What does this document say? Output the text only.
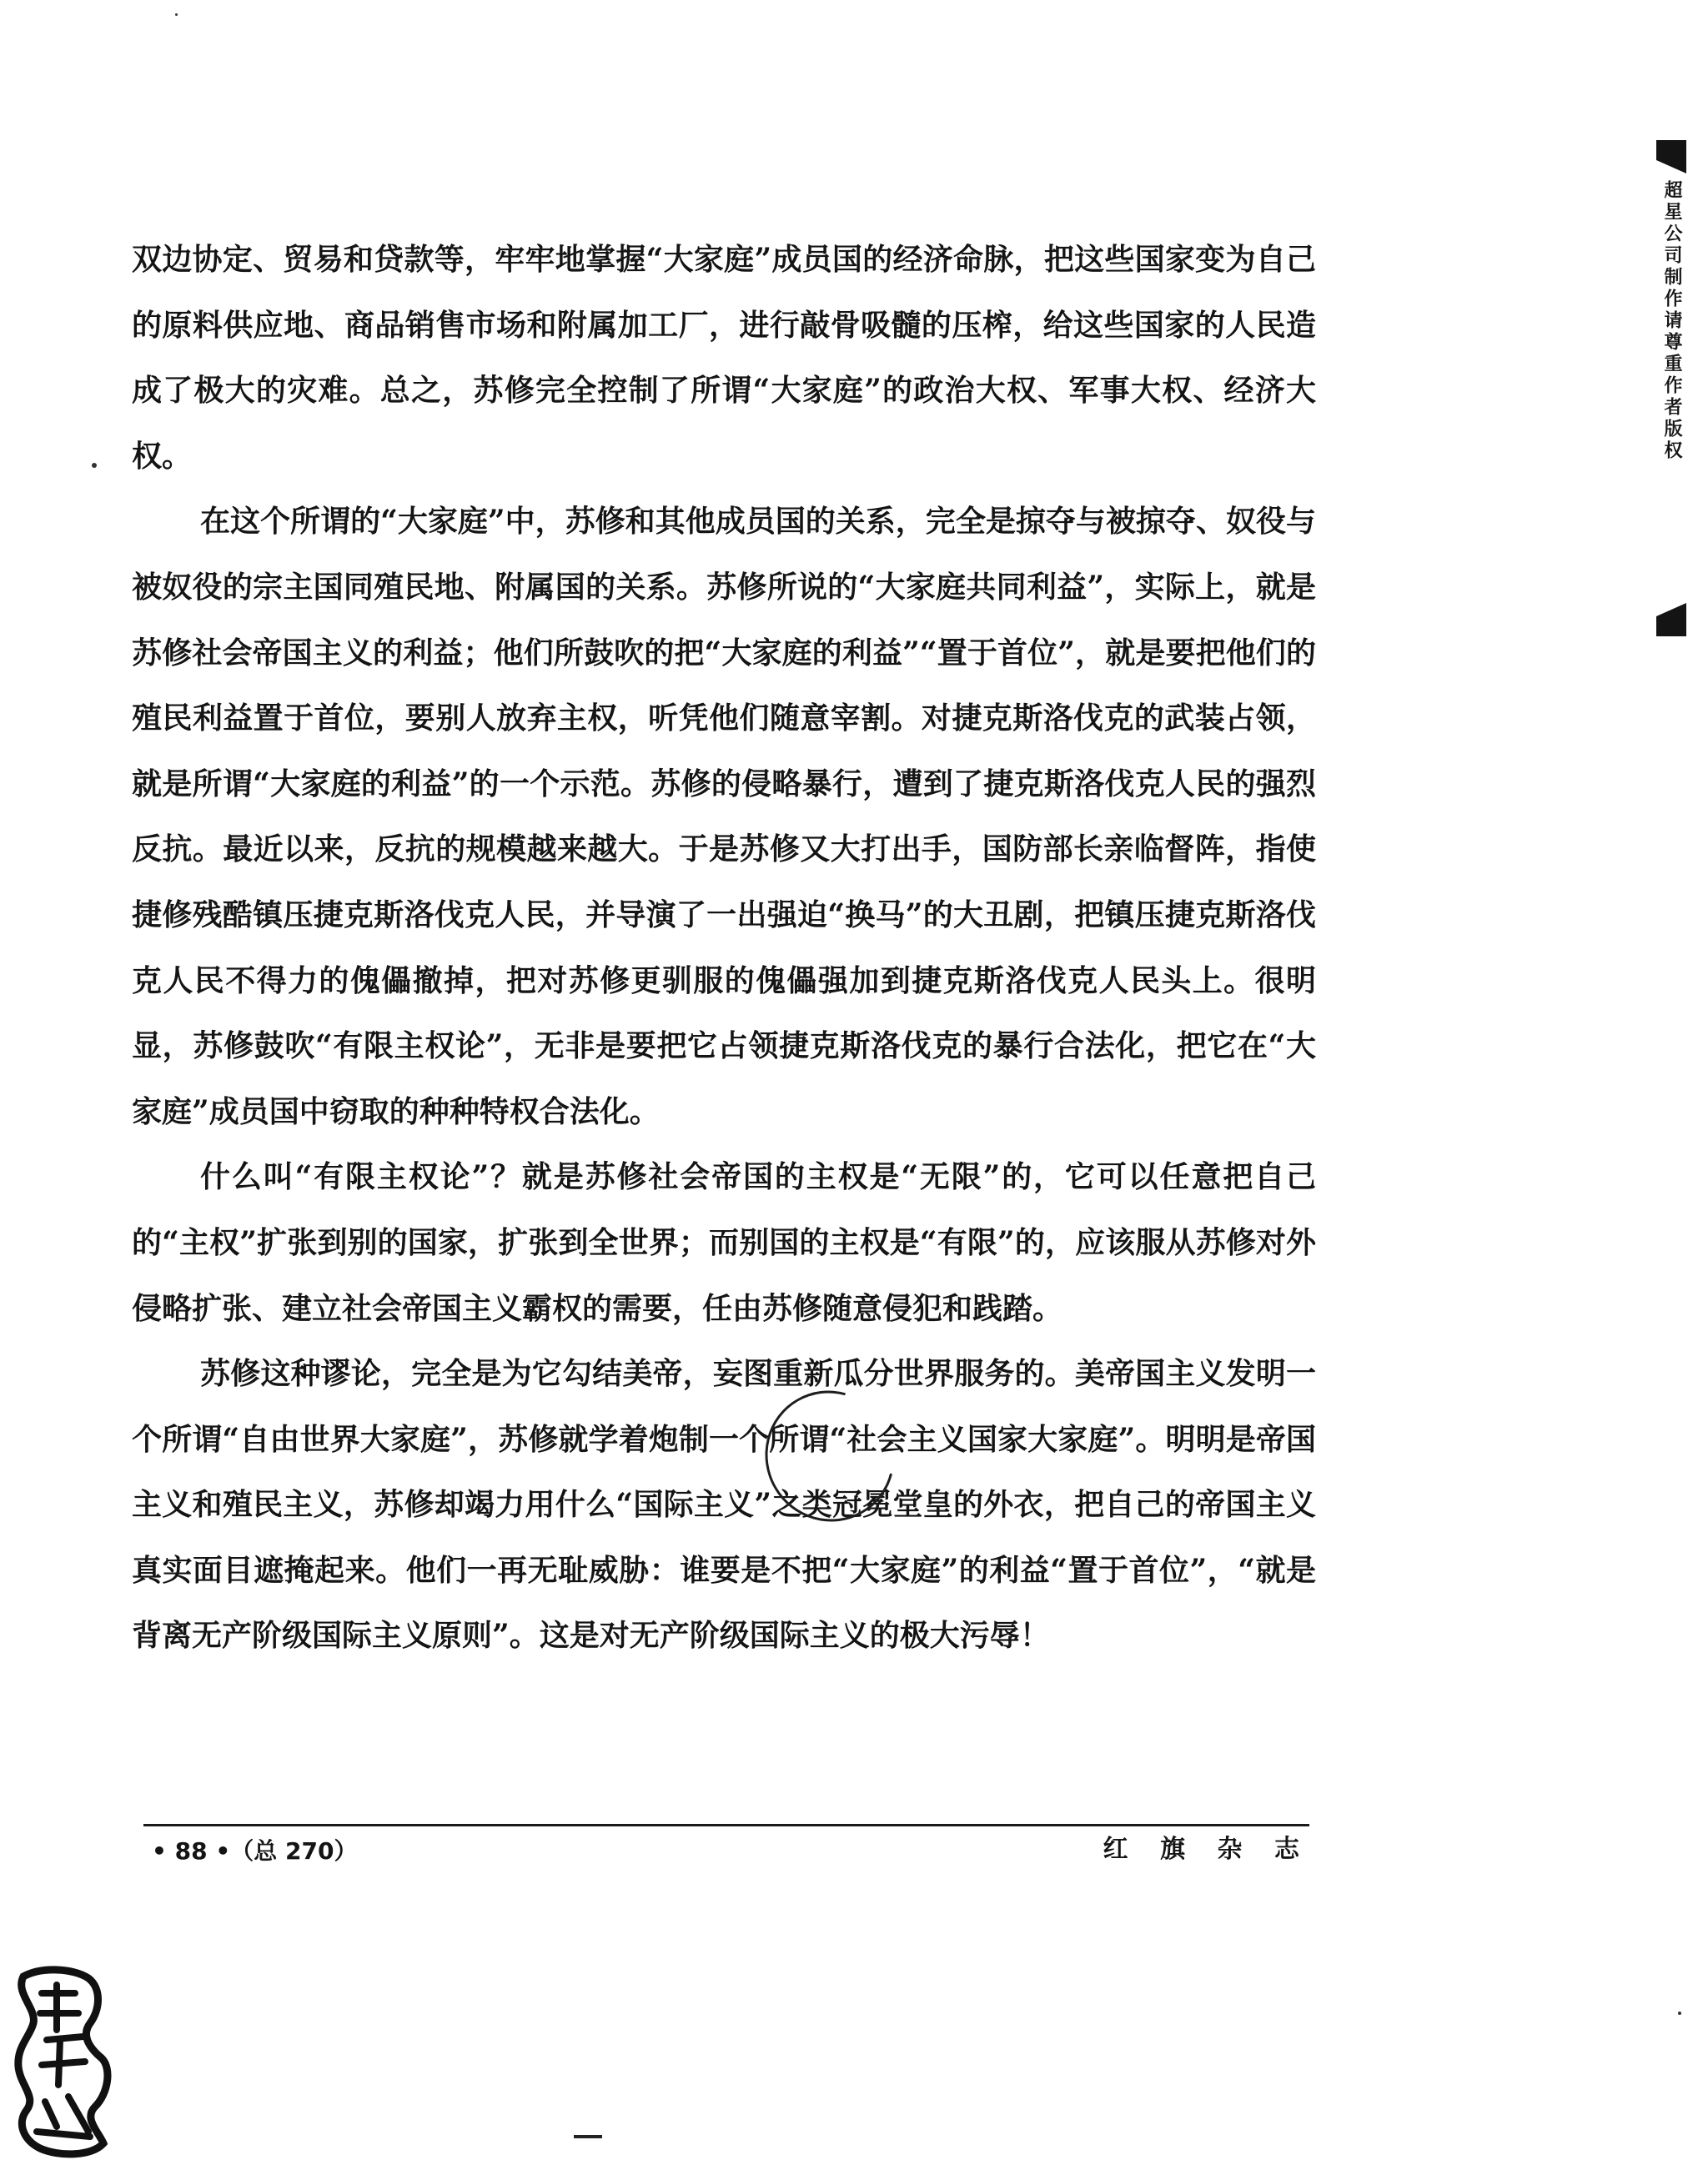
双边协定、贸易和贷款等，牢牢地掌握“大家庭”成员国的经济命脉，把这些国家变为自己的原料供应地、商品销售市场和附属加工厂，进行敲骨吸髓的压榨，给这些国家的人民造成了极大的灾难。总之，苏修完全控制了所谓“大家庭”的政治大权、军事大权、经济大权。

在这个所谓的“大家庭”中，苏修和其他成员国的关系，完全是掠夺与被掠夺、奴役与被奴役的宗主国同殖民地、附属国的关系。苏修所说的“大家庭共同利益”，实际上，就是苏修社会帝国主义的利益；他们所鼓吹的把“大家庭的利益”“置于首位”，就是要把他们的殖民利益置于首位，要别人放弃主权，听凭他们随意宰割。对捷克斯洛伐克的武装占领，就是所谓“大家庭的利益”的一个示范。苏修的侵略暴行，遭到了捷克斯洛伐克人民的强烈反抗。最近以来，反抗的规模越来越大。于是苏修又大打出手，国防部长亲临督阵，指使捷修残酷镇压捷克斯洛伐克人民，并导演了一出强迫“换马”的大丑剧，把镇压捷克斯洛伐克人民不得力的傀儡撤掉，把对苏修更驯服的傀儡强加到捷克斯洛伐克人民头上。很明显，苏修鼓吹“有限主权论”，无非是要把它占领捷克斯洛伐克的暴行合法化，把它在“大家庭”成员国中窃取的种种特权合法化。

什么叫“有限主权论”？就是苏修社会帝国的主权是“无限”的，它可以任意把自己的“主权”扩张到别的国家，扩张到全世界；而别国的主权是“有限”的，应该服从苏修对外侵略扩张、建立社会帝国主义霸权的需要，任由苏修随意侵犯和践踏。

苏修这种谬论，完全是为它勾结美帝，妄图重新瓜分世界服务的。美帝国主义发明一个所谓“自由世界大家庭”，苏修就学着炮制一个所谓“社会主义国家大家庭”。明明是帝国主义和殖民主义，苏修却竭力用什么“国际主义”之类冠冕堂皇的外衣，把自己的帝国主义真实面目遮掩起来。他们一再无耻威胁：谁要是不把“大家庭”的利益“置于首位”，“就是背离无产阶级国际主义原则”。这是对无产阶级国际主义的极大污辱！

• 88 •（总 270）	红 旗 杂 志
超星公司制作请尊重作者版权
